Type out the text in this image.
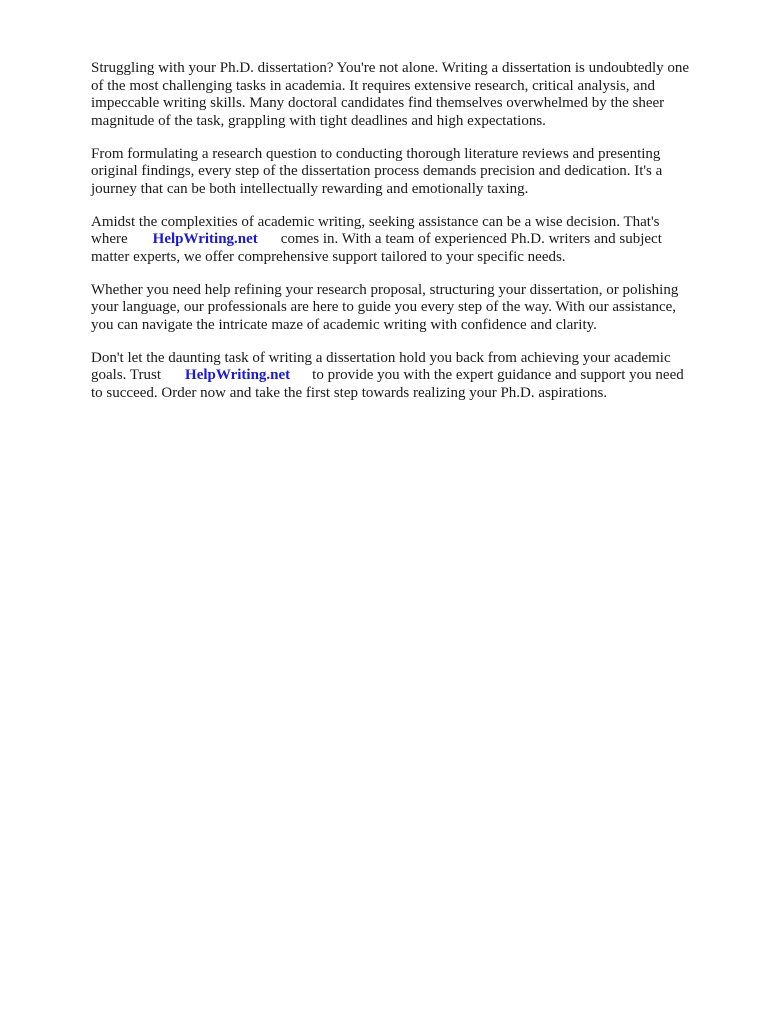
Struggling with your Ph.D. dissertation? You're not alone. Writing a dissertation is undoubtedly one
of the most challenging tasks in academia. It requires extensive research, critical analysis, and
impeccable writing skills. Many doctoral candidates find themselves overwhelmed by the sheer
magnitude of the task, grappling with tight deadlines and high expectations.

From formulating a research question to conducting thorough literature reviews and presenting
original findings, every step of the dissertation process demands precision and dedication. It's a
journey that can be both intellectually rewarding and emotionally taxing.

Amidst the complexities of academic writing, seeking assistance can be a wise decision. That's
where HelpWriting.net comes in. With a team of experienced Ph.D. writers and subject
matter experts, we offer comprehensive support tailored to your specific needs.

Whether you need help refining your research proposal, structuring your dissertation, or polishing
your language, our professionals are here to guide you every step of the way. With our assistance,
you can navigate the intricate maze of academic writing with confidence and clarity.

Don't let the daunting task of writing a dissertation hold you back from achieving your academic
goals. Trust HelpWriting.net to provide you with the expert guidance and support you need
to succeed. Order now and take the first step towards realizing your Ph.D. aspirations.
